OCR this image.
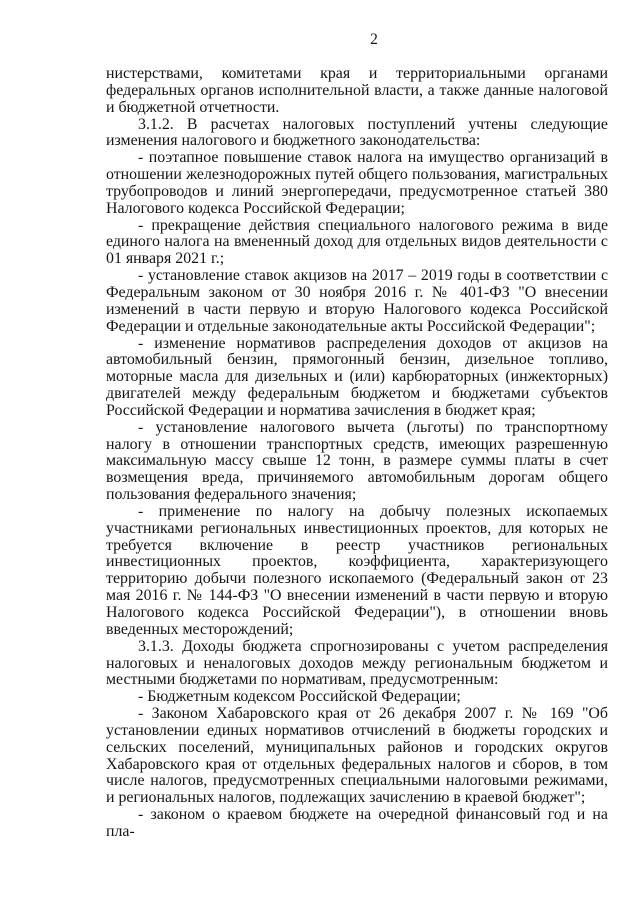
2

нистерствами, комитетами края и территориальными органами федеральных органов исполнительной власти, а также данные налоговой и бюджетной отчетности.

3.1.2. В расчетах налоговых поступлений учтены следующие изменения налогового и бюджетного законодательства:

- поэтапное повышение ставок налога на имущество организаций в отношении железнодорожных путей общего пользования, магистральных трубопроводов и линий энергопередачи, предусмотренное статьей 380 Налогового кодекса Российской Федерации;

- прекращение действия специального налогового режима в виде единого налога на вмененный доход для отдельных видов деятельности с 01 января 2021 г.;

- установление ставок акцизов на 2017 – 2019 годы в соответствии с Федеральным законом от 30 ноября 2016 г. № 401-ФЗ "О внесении изменений в части первую и вторую Налогового кодекса Российской Федерации и отдельные законодательные акты Российской Федерации";

- изменение нормативов распределения доходов от акцизов на автомобильный бензин, прямогонный бензин, дизельное топливо, моторные масла для дизельных и (или) карбюраторных (инжекторных) двигателей между федеральным бюджетом и бюджетами субъектов Российской Федерации и норматива зачисления в бюджет края;

- установление налогового вычета (льготы) по транспортному налогу в отношении транспортных средств, имеющих разрешенную максимальную массу свыше 12 тонн, в размере суммы платы в счет возмещения вреда, причиняемого автомобильным дорогам общего пользования федерального значения;

- применение по налогу на добычу полезных ископаемых участниками региональных инвестиционных проектов, для которых не требуется включение в реестр участников региональных инвестиционных проектов, коэффициента, характеризующего территорию добычи полезного ископаемого (Федеральный закон от 23 мая 2016 г. № 144-ФЗ "О внесении изменений в части первую и вторую Налогового кодекса Российской Федерации"), в отношении вновь введенных месторождений;

3.1.3. Доходы бюджета спрогнозированы с учетом распределения налоговых и неналоговых доходов между региональным бюджетом и местными бюджетами по нормативам, предусмотренным:

- Бюджетным кодексом Российской Федерации;

- Законом Хабаровского края от 26 декабря 2007 г. № 169 "Об установлении единых нормативов отчислений в бюджеты городских и сельских поселений, муниципальных районов и городских округов Хабаровского края от отдельных федеральных налогов и сборов, в том числе налогов, предусмотренных специальными налоговыми режимами, и региональных налогов, подлежащих зачислению в краевой бюджет";

- законом о краевом бюджете на очередной финансовый год и на пла-
